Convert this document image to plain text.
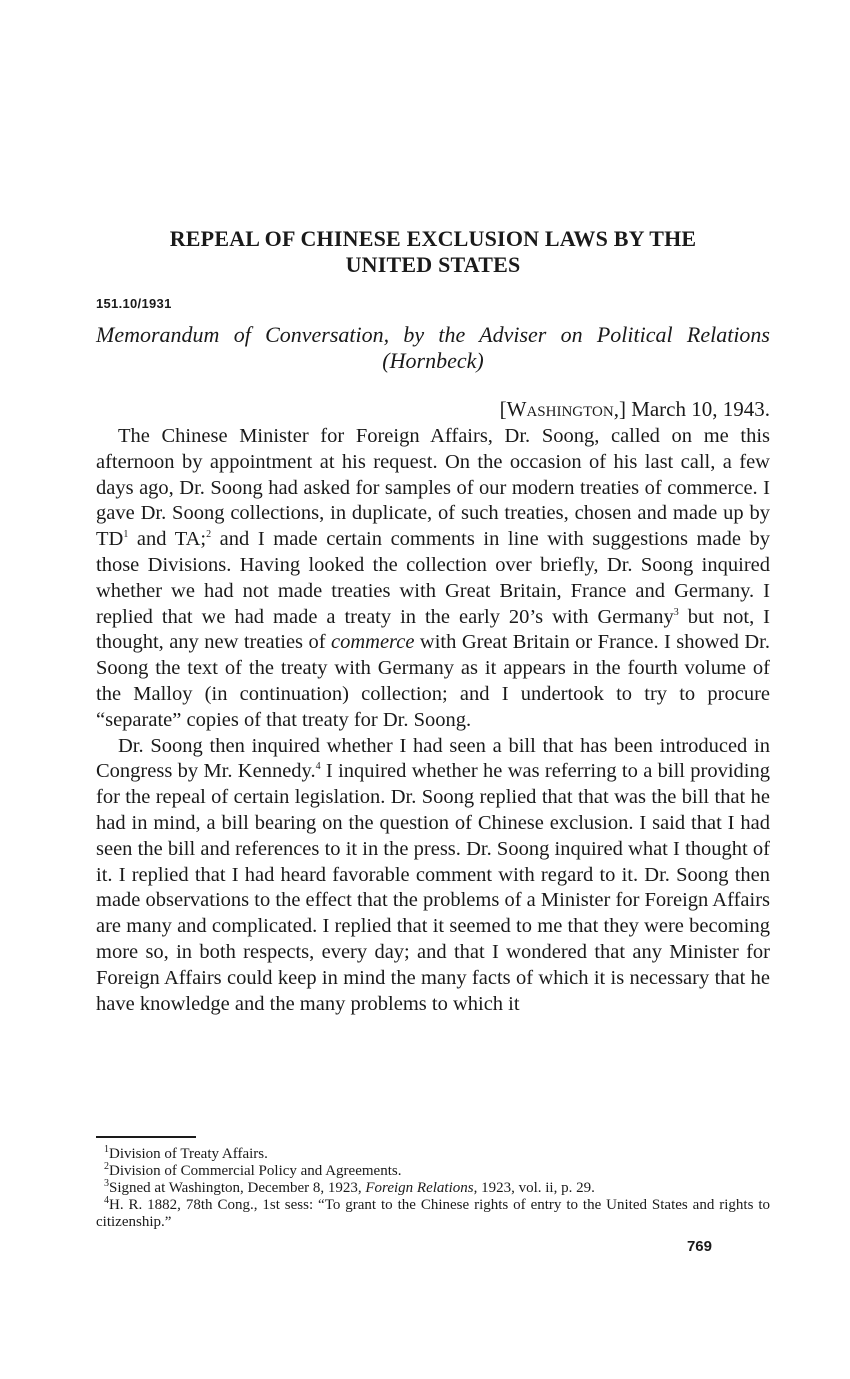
REPEAL OF CHINESE EXCLUSION LAWS BY THE
UNITED STATES
151.10/1931
Memorandum of Conversation, by the Adviser on Political Relations
(Hornbeck)
[Washington,] March 10, 1943.

The Chinese Minister for Foreign Affairs, Dr. Soong, called on me this afternoon by appointment at his request. On the occasion of his last call, a few days ago, Dr. Soong had asked for samples of our modern treaties of commerce. I gave Dr. Soong collections, in duplicate, of such treaties, chosen and made up by $TD^1$ and TA;$^2$ and I made certain comments in line with suggestions made by those Divisions. Having looked the collection over briefly, Dr. Soong inquired whether we had not made treaties with Great Britain, France and Germany. I replied that we had made a treaty in the early 20’s with Germany$^3$ but not, I thought, any new treaties of commerce with Great Britain or France. I showed Dr. Soong the text of the treaty with Germany as it appears in the fourth volume of the Malloy (in continuation) collection; and I undertook to try to procure “separate” copies of that treaty for Dr. Soong.

Dr. Soong then inquired whether I had seen a bill that has been introduced in Congress by Mr. Kennedy.$^4$ I inquired whether he was referring to a bill providing for the repeal of certain legislation. Dr. Soong replied that that was the bill that he had in mind, a bill bearing on the question of Chinese exclusion. I said that I had seen the bill and references to it in the press. Dr. Soong inquired what I thought of it. I replied that I had heard favorable comment with regard to it. Dr. Soong then made observations to the effect that the problems of a Minister for Foreign Affairs are many and complicated. I replied that it seemed to me that they were becoming more so, in both respects, every day; and that I wondered that any Minister for Foreign Affairs could keep in mind the many facts of which it is necessary that he have knowledge and the many problems to which it

$^1$Division of Treaty Affairs.

$^2$Division of Commercial Policy and Agreements.

$^3$Signed at Washington, December 8, 1923, Foreign Relations, 1923, vol. ii, p. 29.

$^4$H. R. 1882, 78th Cong., 1st sess: “To grant to the Chinese rights of entry to the United States and rights to citizenship.”

769
